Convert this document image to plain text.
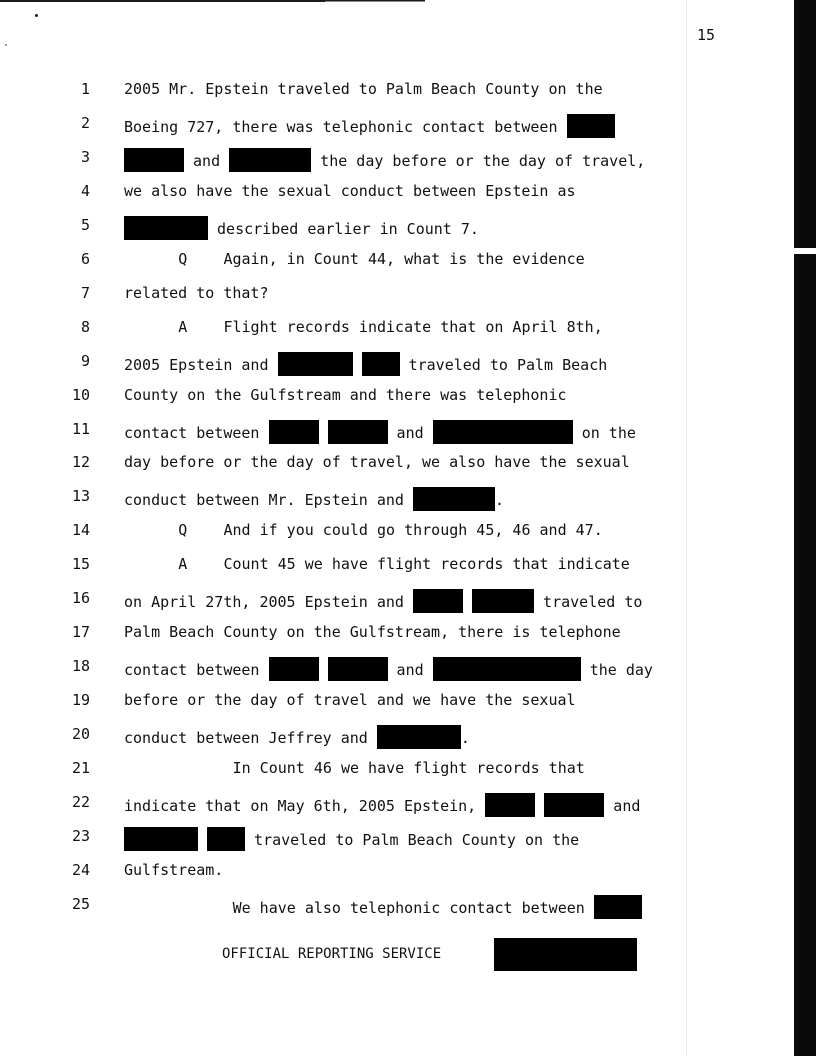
15
1 2005 Mr. Epstein traveled to Palm Beach County on the
2 Boeing 727, there was telephonic contact between
3	and	the day before or the day of travel,
4 we also have the sexual conduct between Epstein as
5	described earlier in Count 7.
6	Q    Again, in Count 44, what is the evidence
7 related to that?
8	A    Flight records indicate that on April 8th,
9 2005 Epstein and	traveled to Palm Beach
10 County on the Gulfstream and there was telephonic
11 contact between	and	on the
12 day before or the day of travel, we also have the sexual
13 conduct between Mr. Epstein and	.
14	Q    And if you could go through 45, 46 and 47.
15	A    Count 45 we have flight records that indicate
16 on April 27th, 2005 Epstein and	traveled to
17 Palm Beach County on the Gulfstream, there is telephone
18 contact between	and	the day
19 before or the day of travel and we have the sexual
20 conduct between Jeffrey and	.
21	In Count 46 we have flight records that
22 indicate that on May 6th, 2005 Epstein,	and
23	traveled to Palm Beach County on the
24 Gulfstream.
25	We have also telephonic contact between
OFFICIAL REPORTING SERVICE
